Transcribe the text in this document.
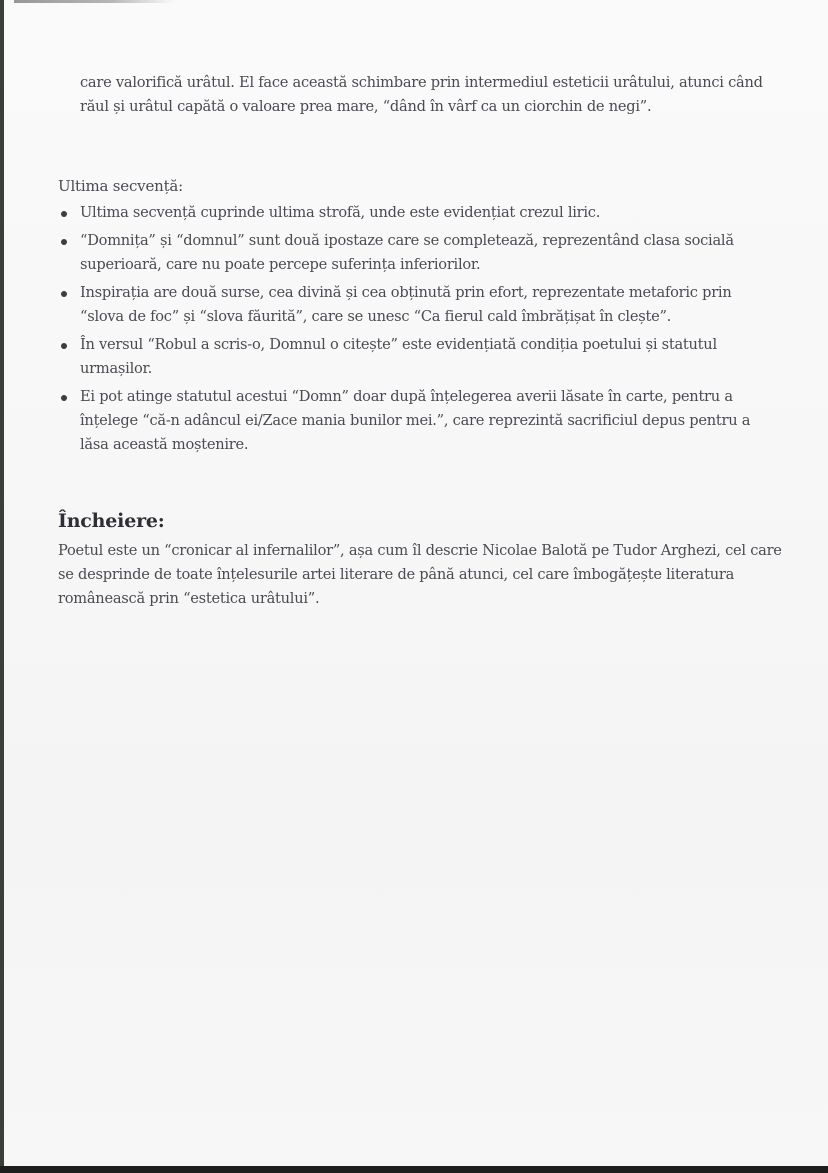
care valorifică urâtul. El face această schimbare prin intermediul esteticii urâtului, atunci când răul și urâtul capătă o valoare prea mare, “dând în vârf ca un ciorchin de negi”.

Ultima secvență:

Ultima secvență cuprinde ultima strofă, unde este evidențiat crezul liric.
“Domnița” și “domnul” sunt două ipostaze care se completează, reprezentând clasa socială superioară, care nu poate percepe suferința inferiorilor.
Inspirația are două surse, cea divină și cea obținută prin efort, reprezentate metaforic prin “slova de foc” și “slova făurită”, care se unesc “Ca fierul cald îmbrățișat în clește”.
În versul “Robul a scris-o, Domnul o citește” este evidențiată condiția poetului și statutul urmașilor.
Ei pot atinge statutul acestui “Domn” doar după înțelegerea averii lăsate în carte, pentru a înțelege “că-n adâncul ei/Zace mania bunilor mei.”, care reprezintă sacrificiul depus pentru a lăsa această moștenire.
Încheiere:

Poetul este un “cronicar al infernalilor”, așa cum îl descrie Nicolae Balotă pe Tudor Arghezi, cel care se desprinde de toate înțelesurile artei literare de până atunci, cel care îmbogățește literatura românească prin “estetica urâtului”.
